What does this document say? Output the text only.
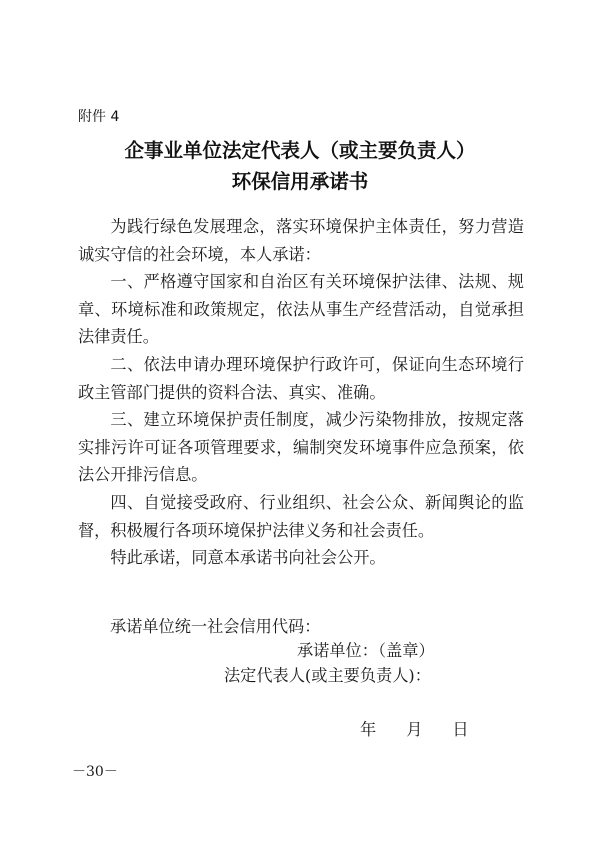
附件 4
企事业单位法定代表人（或主要负责人）
环保信用承诺书

为践行绿色发展理念，落实环境保护主体责任，努力营造诚实守信的社会环境，本人承诺：

一、严格遵守国家和自治区有关环境保护法律、法规、规章、环境标准和政策规定，依法从事生产经营活动，自觉承担法律责任。

二、依法申请办理环境保护行政许可，保证向生态环境行政主管部门提供的资料合法、真实、准确。

三、建立环境保护责任制度，减少污染物排放，按规定落实排污许可证各项管理要求，编制突发环境事件应急预案，依法公开排污信息。

四、自觉接受政府、行业组织、社会公众、新闻舆论的监督，积极履行各项环境保护法律义务和社会责任。

特此承诺，同意本承诺书向社会公开。

承诺单位统一社会信用代码：
承诺单位：（盖章）
法定代表人(或主要负责人)：
年 月 日
－30－
